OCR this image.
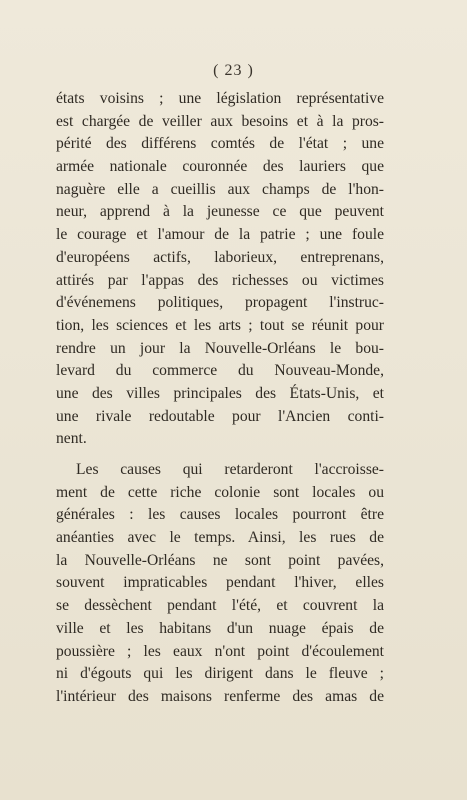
( 23 )
états voisins ; une législation représentative
est chargée de veiller aux besoins et à la pros-
périté des différens comtés de l'état ; une
armée nationale couronnée des lauriers que
naguère elle a cueillis aux champs de l'hon-
neur, apprend à la jeunesse ce que peuvent
le courage et l'amour de la patrie ; une foule
d'européens actifs, laborieux, entreprenans,
attirés par l'appas des richesses ou victimes
d'événemens politiques, propagent l'instruc-
tion, les sciences et les arts ; tout se réunit pour
rendre un jour la Nouvelle-Orléans le bou-
levard du commerce du Nouveau-Monde,
une des villes principales des États-Unis, et
une rivale redoutable pour l'Ancien conti-
nent.
Les causes qui retarderont l'accroisse-
ment de cette riche colonie sont locales ou
générales : les causes locales pourront être
anéanties avec le temps. Ainsi, les rues de
la Nouvelle-Orléans ne sont point pavées,
souvent impraticables pendant l'hiver, elles
se dessèchent pendant l'été, et couvrent la
ville et les habitans d'un nuage épais de
poussière ; les eaux n'ont point d'écoulement
ni d'égouts qui les dirigent dans le fleuve ;
l'intérieur des maisons renferme des amas de
